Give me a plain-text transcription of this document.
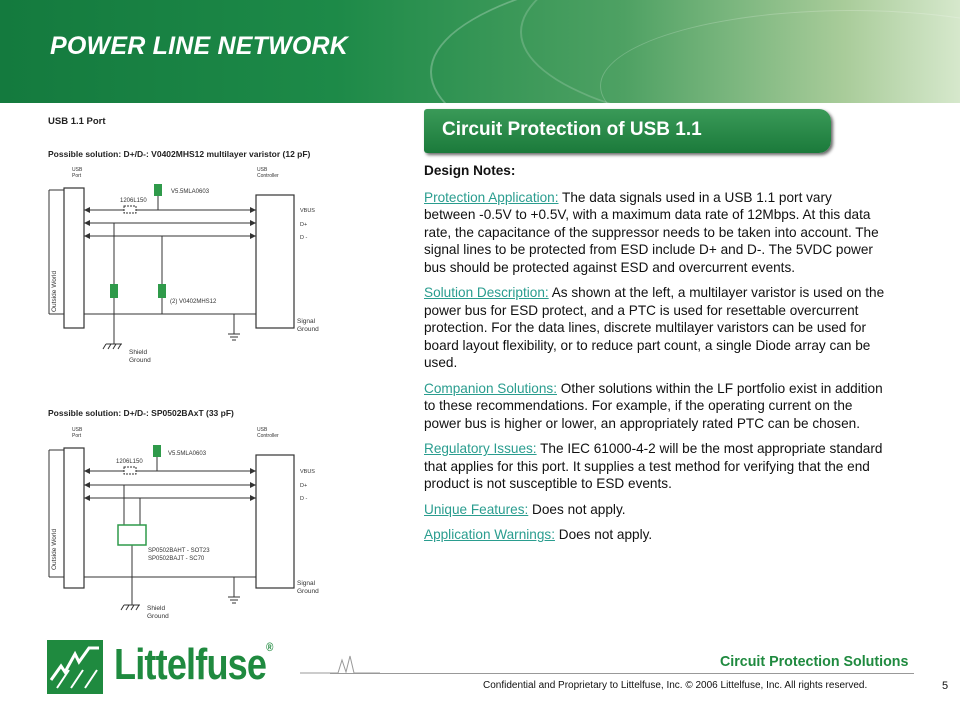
POWER LINE NETWORK
Circuit Protection of USB 1.1
Design Notes:

Protection Application: The data signals used in a USB 1.1 port vary between -0.5V to +0.5V, with a maximum data rate of 12Mbps. At this data rate, the capacitance of the suppressor needs to be taken into account. The signal lines to be protected from ESD include D+ and D-. The 5VDC power bus should be protected against ESD and overcurrent events.

Solution Description: As shown at the left, a multilayer varistor is used on the power bus for ESD protect, and a PTC is used for resettable overcurrent protection. For the data lines, discrete multilayer varistors can be used for board layout flexibility, or to reduce part count, a single Diode array can be used.

Companion Solutions: Other solutions within the LF portfolio exist in addition to these recommendations. For example, if the operating current on the power bus is higher or lower, an appropriately rated PTC can be chosen.

Regulatory Issues: The IEC 61000-4-2 will be the most appropriate standard that applies for this port. It supplies a test method for verifying that the end product is not susceptible to ESD events.

Unique Features: Does not apply.

Application Warnings: Does not apply.

USB 1.1 Port
Possible solution: D+/D-: V0402MHS12 multilayer varistor (12 pF)
USB
Port
USB
Controller
Outside World
1206L150
V5.5MLA0603
(2) V0402MHS12
VBUS
D+
D -
Signal
Ground
Shield
Ground
Possible solution: D+/D-: SP0502BAxT (33 pF)
USB
Port
USB
Controller
Outside World
1206L150
V5.5MLA0603
SP0502BAHT - SOT23
SP0502BAJT - SC70
VBUS
D+
D -
Signal
Ground
Shield
Ground
Littelfuse®
Circuit Protection Solutions
Confidential and Proprietary to Littelfuse, Inc. © 2006 Littelfuse, Inc. All rights reserved.	5
